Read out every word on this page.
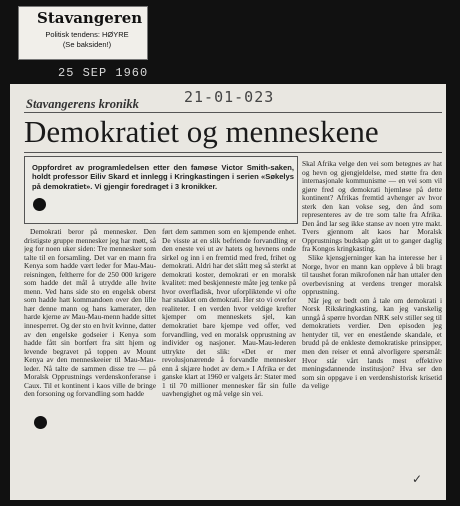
Stavangeren
Politisk tendens: HØYRE
(Se baksiden!)
25 SEP 1960
Stavangerens kronikk	21-01-023
Demokratiet og menneskene
Oppfordret av programledelsen etter den famøse Victor Smith-saken, holdt professor Eiliv Skard et innlegg i Kringkastingen i serien «Søkelys på demokratiet». Vi gjengir foredraget i 3 kronikker.

Demokrati beror på mennesker. Den dristigste gruppe mennesker jeg har møtt, så jeg for noen uker siden: Tre mennesker som talte til en forsamling. Det var en mann fra Kenya som hadde vært leder for Mau-Mau-reisningen, feltherre for de 250 000 krigere som hadde det mål å utrydde alle hvite menn. Ved hans side sto en engelsk oberst som hadde hatt kommandoen over den lille hær denne mann og hans kamerater, den harde kjerne av Mau-Mau-menn hadde sittet innesperret. Og der sto en hvit kvinne, datter av den engelske godseier i Kenya som hadde fått sin bortført fra sitt hjem og levende begravet på toppen av Mount Kenya av den menneskeeier til Mau-Mau-leder. Nå talte de sammen disse tre — på Moralsk Opprustnings verdenskonferanse i Caux. Til et kontinent i kaos ville de bringe den forsoning og forvandling som hadde

ført dem sammen som en kjempende enhet. De visste at en slik befriende forvandling er den eneste vei ut av hatets og hevnens onde sirkel og inn i en fremtid med fred, frihet og demokrati. Aldri har det slått meg så sterkt at demokrati koster, demokrati er en moralsk kvalitet: med beskjenneste måte jeg tenke på hvor overfladisk, hvor uforpliktende vi ofte har snakket om demokrati. Her sto vi overfor realiteter. I en verden hvor veldige krefter kjemper om menneskets sjel, kan demokratiet bare kjempe ved offer, ved forvandling, ved en moralsk opprustning av individer og nasjoner. Mau-Mau-lederen uttrykte det slik: «Det er mer revolusjonærende å forvandle mennesker enn å skjære hodet av dem.» I Afrika er det ganske klart at 1960 er valgets år: Stater med 1 til 70 millioner mennesker får sin fulle uavhengighet og må velge sin vei.

Skal Afrika velge den vei som betegnes av hat og hevn og gjengjeldelse, med støtte fra den internasjonale kommunisme — en vei som vil gjøre fred og demokrati hjemløse på dette kontinent? Afrikas fremtid avhenger av hvor sterk den kan vokse seg, den ånd som representeres av de tre som talte fra Afrika. Den ånd lar seg ikke stanse av noen ytre makt. Tvers gjennom alt kaos har Moralsk Opprustnings budskap gått ut to ganger daglig fra Kongos kringkasting.

Slike kjensgjerninger kan ha interesse her i Norge, hvor en mann kan oppleve å bli bragt til taushet foran mikrofonen når han uttaler den overbevisning at verdens trenger moralsk opprustning.

Når jeg er bedt om å tale om demokrati i Norsk Rikskringkasting, kan jeg vanskelig unngå å spørre hvordan NRK selv stiller seg til demokratiets verdier. Den episoden jeg hentyder til, ver en enestående skandale, et brudd på de enkleste demokratiske prinsipper, men den reiser et ennå alvorligere spørsmål: Hvor står vårt lands mest effektive meningsdannende institusjon? Hva ser den som sin oppgave i en verdenshistorisk krisetid da velige

✓
